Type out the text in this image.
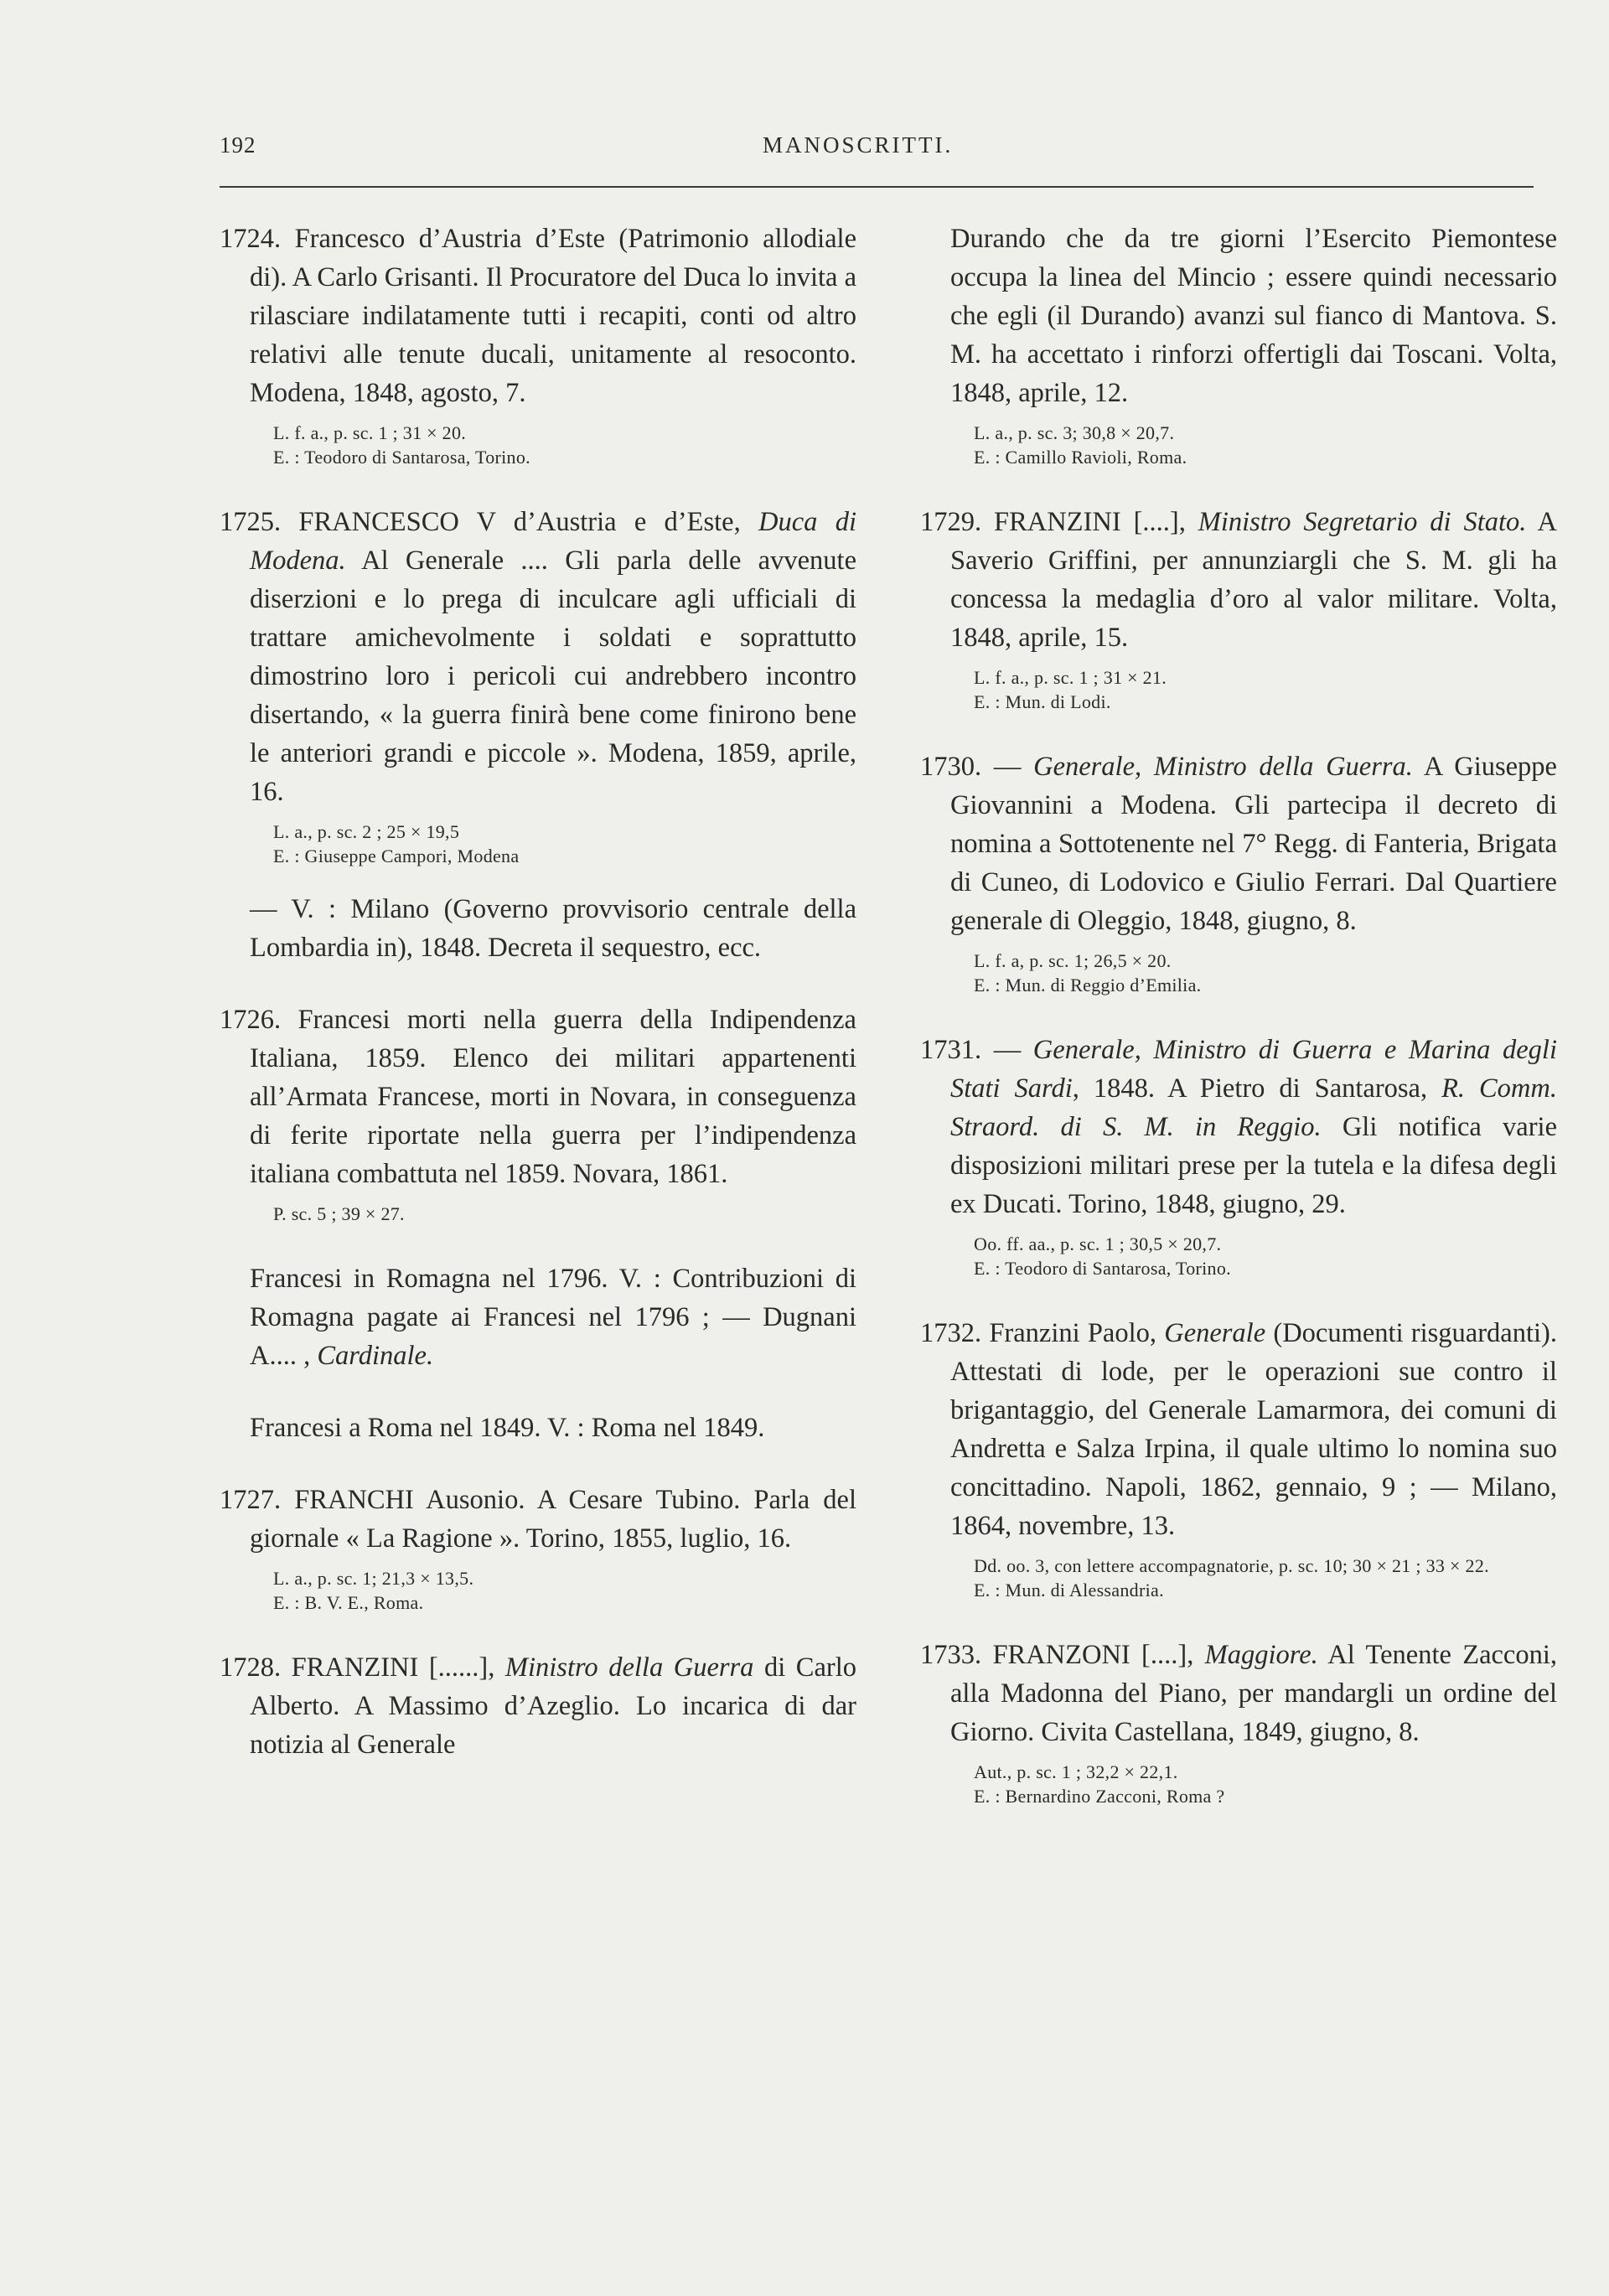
192	MANOSCRITTI.

1724. Francesco d’Austria d’Este (Patrimonio allodiale di). A Carlo Grisanti. Il Procuratore del Duca lo invita a rilasciare indilatamente tutti i recapiti, conti od altro relativi alle tenute ducali, unitamente al resoconto. Modena, 1848, agosto, 7.

L. f. a., p. sc. 1 ; 31 × 20.

E. : Teodoro di Santarosa, Torino.

1725. FRANCESCO V d’Austria e d’Este, Duca di Modena. Al Generale .... Gli parla delle avvenute diserzioni e lo prega di inculcare agli ufficiali di trattare amichevolmente i soldati e soprattutto dimostrino loro i pericoli cui andrebbero incontro disertando, « la guerra finirà bene come finirono bene le anteriori grandi e piccole ». Modena, 1859, aprile, 16.

L. a., p. sc. 2 ; 25 × 19,5

E. : Giuseppe Campori, Modena

— V. : Milano (Governo provvisorio centrale della Lombardia in), 1848. Decreta il sequestro, ecc.

1726. Francesi morti nella guerra della Indipendenza Italiana, 1859. Elenco dei militari appartenenti all’Armata Francese, morti in Novara, in conseguenza di ferite riportate nella guerra per l’indipendenza italiana combattuta nel 1859. Novara, 1861.

P. sc. 5 ; 39 × 27.

Francesi in Romagna nel 1796. V. : Contribuzioni di Romagna pagate ai Francesi nel 1796 ; — Dugnani A.... , Cardinale.

Francesi a Roma nel 1849. V. : Roma nel 1849.

1727. FRANCHI Ausonio. A Cesare Tubino. Parla del giornale « La Ragione ». Torino, 1855, luglio, 16.

L. a., p. sc. 1; 21,3 × 13,5.

E. : B. V. E., Roma.

1728. FRANZINI [......], Ministro della Guerra di Carlo Alberto. A Massimo d’Azeglio. Lo incarica di dar notizia al Generale

Durando che da tre giorni l’Esercito Piemontese occupa la linea del Mincio ; essere quindi necessario che egli (il Durando) avanzi sul fianco di Mantova. S. M. ha accettato i rinforzi offertigli dai Toscani. Volta, 1848, aprile, 12.

L. a., p. sc. 3; 30,8 × 20,7.

E. : Camillo Ravioli, Roma.

1729. FRANZINI [....], Ministro Segretario di Stato. A Saverio Griffini, per annunziargli che S. M. gli ha concessa la medaglia d’oro al valor militare. Volta, 1848, aprile, 15.

L. f. a., p. sc. 1 ; 31 × 21.

E. : Mun. di Lodi.

1730. — Generale, Ministro della Guerra. A Giuseppe Giovannini a Modena. Gli partecipa il decreto di nomina a Sottotenente nel 7° Regg. di Fanteria, Brigata di Cuneo, di Lodovico e Giulio Ferrari. Dal Quartiere generale di Oleggio, 1848, giugno, 8.

L. f. a, p. sc. 1; 26,5 × 20.

E. : Mun. di Reggio d’Emilia.

1731. — Generale, Ministro di Guerra e Marina degli Stati Sardi, 1848. A Pietro di Santarosa, R. Comm. Straord. di S. M. in Reggio. Gli notifica varie disposizioni militari prese per la tutela e la difesa degli ex Ducati. Torino, 1848, giugno, 29.

Oo. ff. aa., p. sc. 1 ; 30,5 × 20,7.

E. : Teodoro di Santarosa, Torino.

1732. Franzini Paolo, Generale (Documenti risguardanti). Attestati di lode, per le operazioni sue contro il brigantaggio, del Generale Lamarmora, dei comuni di Andretta e Salza Irpina, il quale ultimo lo nomina suo concittadino. Napoli, 1862, gennaio, 9 ; — Milano, 1864, novembre, 13.

Dd. oo. 3, con lettere accompagnatorie, p. sc. 10; 30 × 21 ; 33 × 22.

E. : Mun. di Alessandria.

1733. FRANZONI [....], Maggiore. Al Tenente Zacconi, alla Madonna del Piano, per mandargli un ordine del Giorno. Civita Castellana, 1849, giugno, 8.

Aut., p. sc. 1 ; 32,2 × 22,1.

E. : Bernardino Zacconi, Roma ?
